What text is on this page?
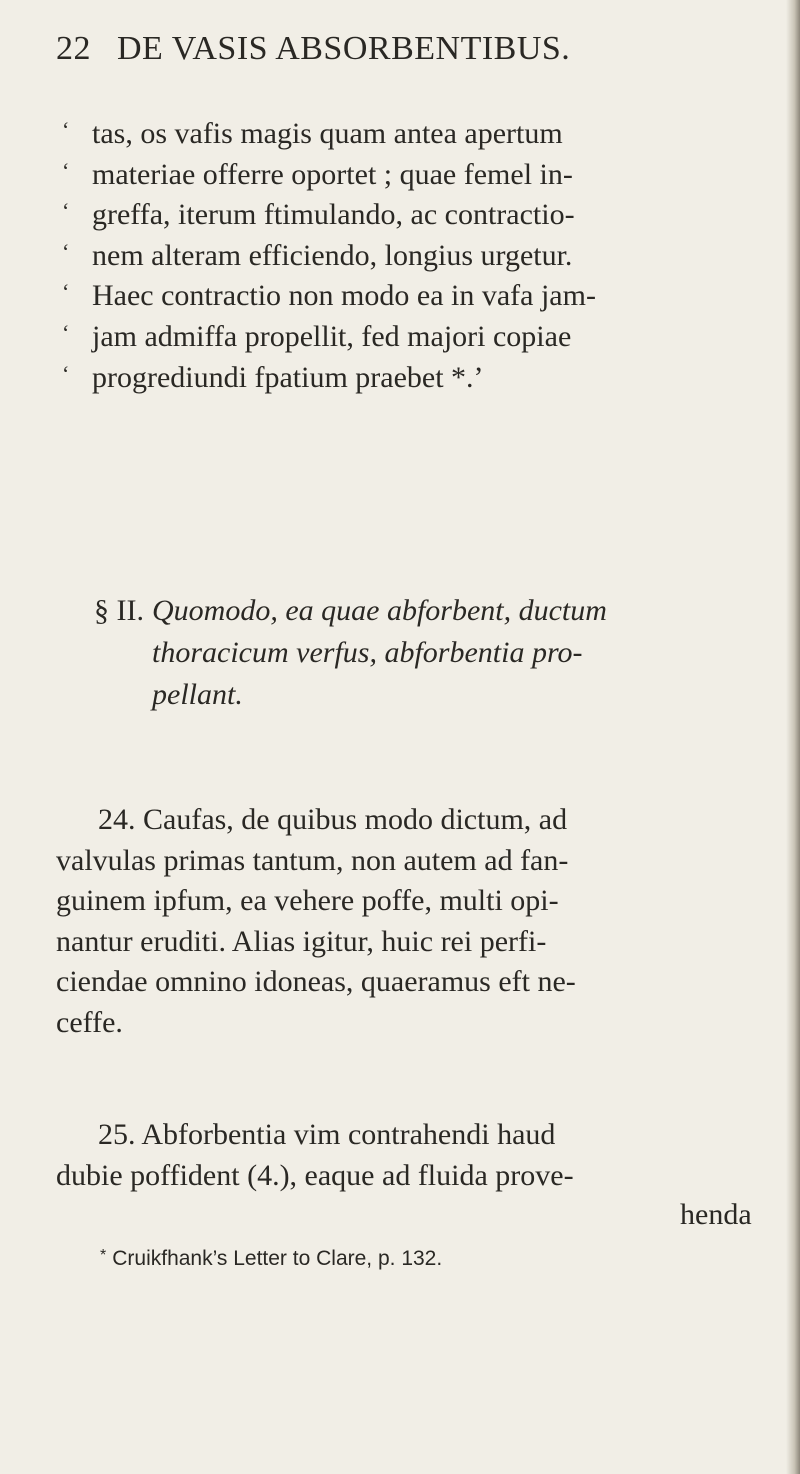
22 DE VASIS ABSORBENTIBUS.
‘ tas, os vafis magis quam antea apertum
‘ materiae offerre oportet ; quae femel in-
‘ greffa, iterum ftimulando, ac contractio-
‘ nem alteram efficiendo, longius urgetur.
‘ Haec contractio non modo ea in vafa jam-
‘ jam admiffa propellit, fed majori copiae
‘ progrediundi fpatium praebet *.’
§ II. Quomodo, ea quae abforbent, ductum
thoracicum verfus, abforbentia pro-
pellant.
24. Caufas, de quibus modo dictum, ad
valvulas primas tantum, non autem ad fan-
guinem ipfum, ea vehere poffe, multi opi-
nantur eruditi. Alias igitur, huic rei perfi-
ciendae omnino idoneas, quaeramus eft ne-
ceffe.
25. Abforbentia vim contrahendi haud
dubie poffident (4.), eaque ad fluida prove-
henda
* Cruikfhank’s Letter to Clare, p. 132.
